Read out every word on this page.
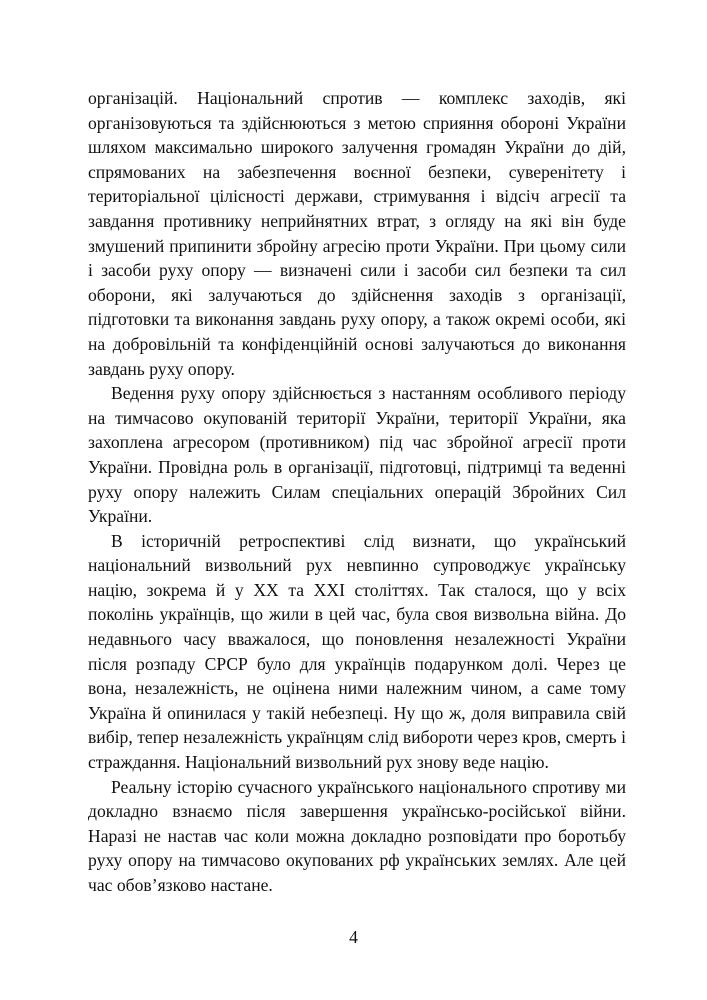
організацій. Національний спротив — комплекс заходів, які організовуються та здійснюються з метою сприяння обороні України шляхом максимально широкого залучення громадян України до дій, спрямованих на забезпечення воєнної безпеки, суверенітету і територіальної цілісності держави, стримування і відсіч агресії та завдання противнику неприйнятних втрат, з огляду на які він буде змушений припинити збройну агресію проти України. При цьому сили і засоби руху опору — визначені сили і засоби сил безпеки та сил оборони, які залучаються до здійснення заходів з організації, підготовки та виконання завдань руху опору, а також окремі особи, які на добровільній та конфіденційній основі залучаються до виконання завдань руху опору.

Ведення руху опору здійснюється з настанням особливого періоду на тимчасово окупованій території України, території України, яка захоплена агресором (противником) під час збройної агресії проти України. Провідна роль в організації, підготовці, підтримці та веденні руху опору належить Силам спеціальних операцій Збройних Сил України.

В історичній ретроспективі слід визнати, що український національний визвольний рух невпинно супроводжує українську націю, зокрема й у XX та XXI століттях. Так сталося, що у всіх поколінь українців, що жили в цей час, була своя визвольна війна. До недавнього часу вважалося, що поновлення незалежності України після розпаду СРСР було для українців подарунком долі. Через це вона, незалежність, не оцінена ними належним чином, а саме тому Україна й опинилася у такій небезпеці. Ну що ж, доля виправила свій вибір, тепер незалежність українцям слід вибороти через кров, смерть і страждання. Національний визвольний рух знову веде націю.

Реальну історію сучасного українського національного спротиву ми докладно взнаємо після завершення українсько-російської війни. Наразі не настав час коли можна докладно розповідати про боротьбу руху опору на тимчасово окупованих рф українських землях. Але цей час обов’язково настане.

4
